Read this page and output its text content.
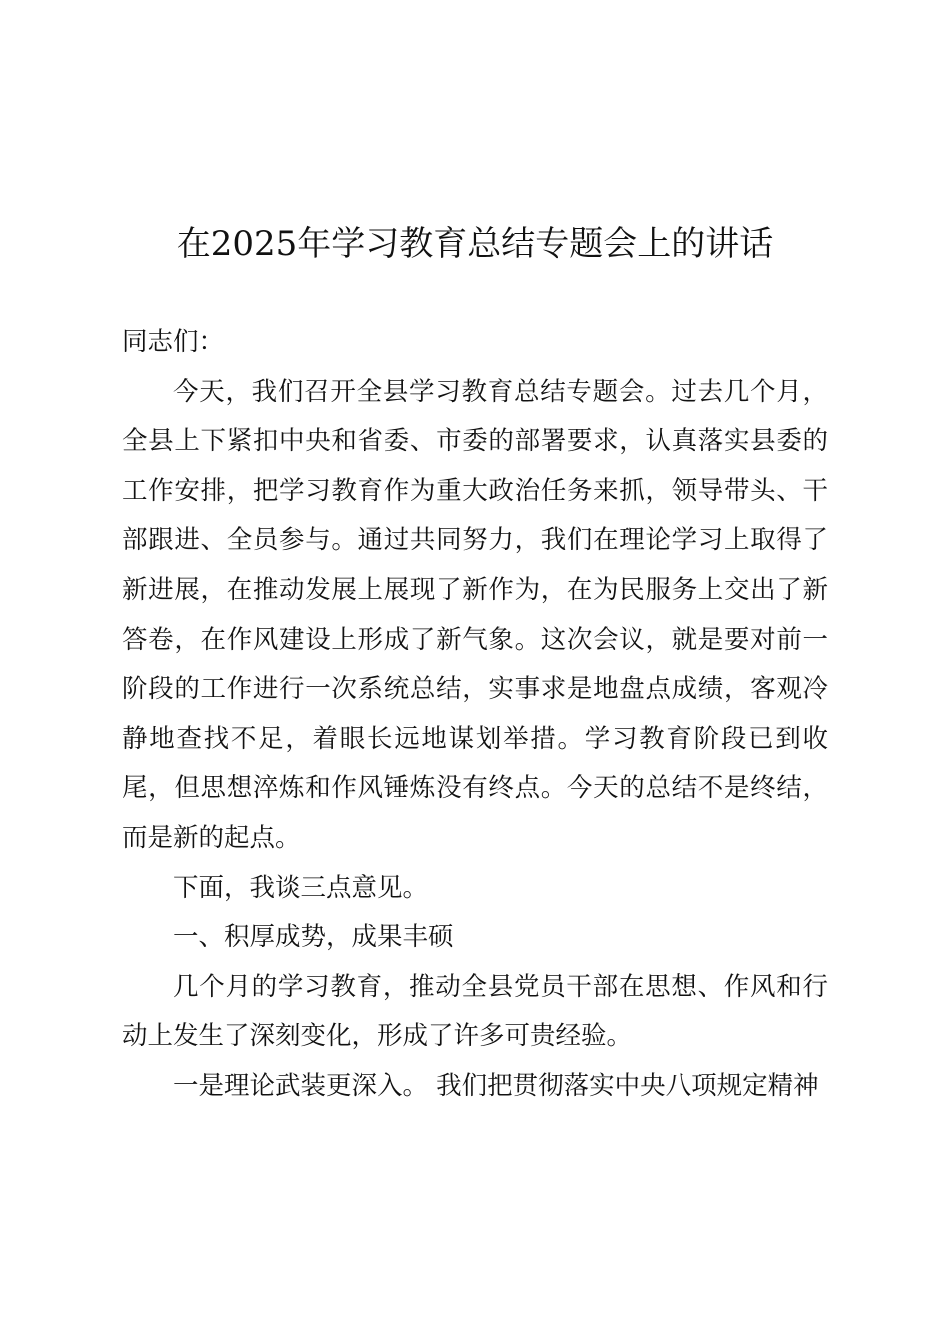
在2025年学习教育总结专题会上的讲话

同志们：

今天，我们召开全县学习教育总结专题会。过去几个月，全县上下紧扣中央和省委、市委的部署要求，认真落实县委的工作安排，把学习教育作为重大政治任务来抓，领导带头、干部跟进、全员参与。通过共同努力，我们在理论学习上取得了新进展，在推动发展上展现了新作为，在为民服务上交出了新答卷，在作风建设上形成了新气象。这次会议，就是要对前一阶段的工作进行一次系统总结，实事求是地盘点成绩，客观冷静地查找不足，着眼长远地谋划举措。学习教育阶段已到收尾，但思想淬炼和作风锤炼没有终点。今天的总结不是终结，而是新的起点。

下面，我谈三点意见。

一、积厚成势，成果丰硕

几个月的学习教育，推动全县党员干部在思想、作风和行动上发生了深刻变化，形成了许多可贵经验。

一是理论武装更深入。 我们把贯彻落实中央八项规定精神
